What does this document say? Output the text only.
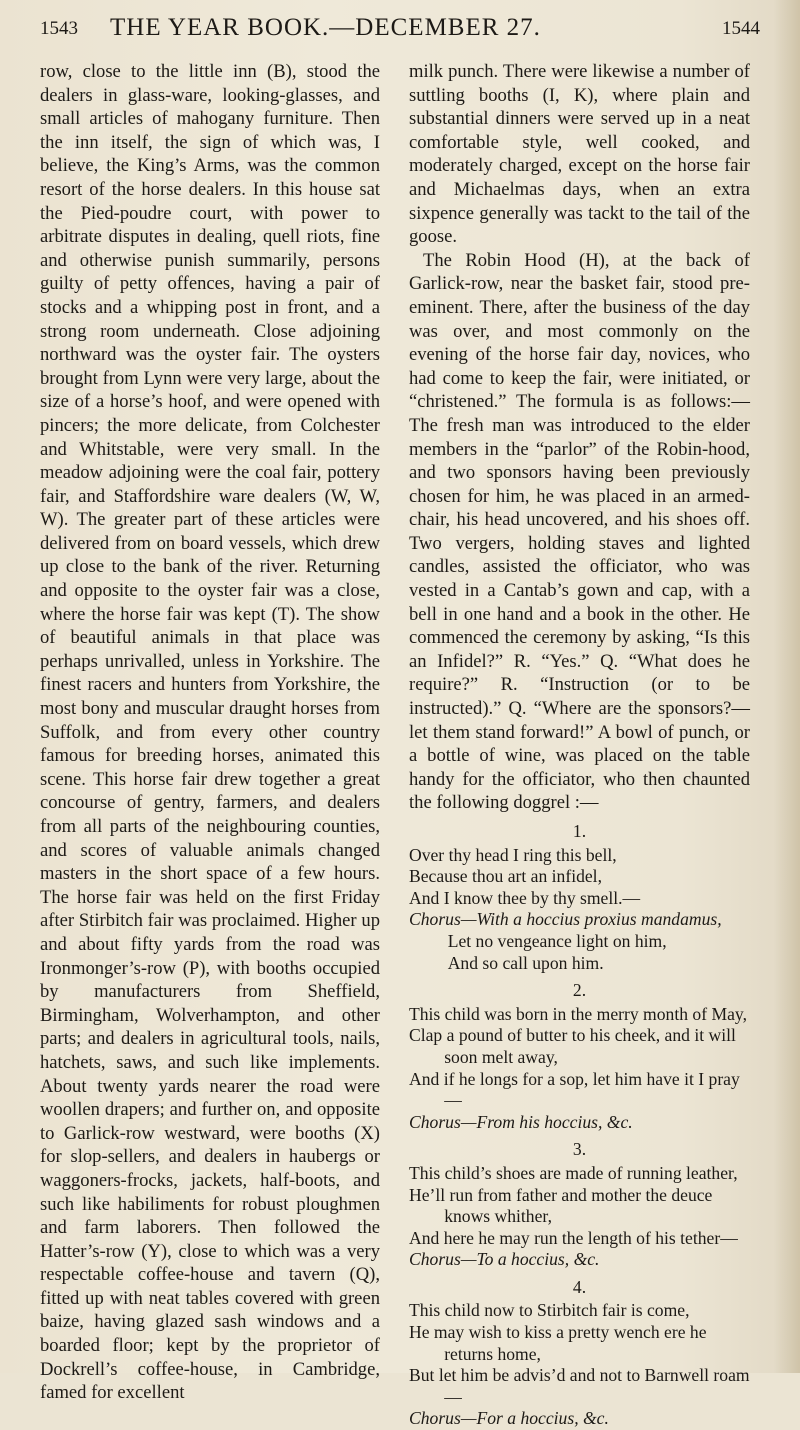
1543 THE YEAR BOOK.—DECEMBER 27.	1544

row, close to the little inn (B), stood the dealers in glass-ware, looking-glasses, and small articles of mahogany furniture. Then the inn itself, the sign of which was, I believe, the King’s Arms, was the common resort of the horse dealers. In this house sat the Pied-poudre court, with power to arbitrate disputes in dealing, quell riots, fine and otherwise punish summarily, persons guilty of petty offences, having a pair of stocks and a whipping post in front, and a strong room underneath. Close adjoining northward was the oyster fair. The oysters brought from Lynn were very large, about the size of a horse’s hoof, and were opened with pincers; the more delicate, from Colchester and Whitstable, were very small. In the meadow adjoining were the coal fair, pottery fair, and Staffordshire ware dealers (W, W, W). The greater part of these articles were delivered from on board vessels, which drew up close to the bank of the river. Returning and opposite to the oyster fair was a close, where the horse fair was kept (T). The show of beautiful animals in that place was perhaps unrivalled, unless in Yorkshire. The finest racers and hunters from Yorkshire, the most bony and muscular draught horses from Suffolk, and from every other country famous for breeding horses, animated this scene. This horse fair drew together a great concourse of gentry, farmers, and dealers from all parts of the neighbouring counties, and scores of valuable animals changed masters in the short space of a few hours. The horse fair was held on the first Friday after Stirbitch fair was proclaimed. Higher up and about fifty yards from the road was Ironmonger’s-row (P), with booths occupied by manufacturers from Sheffield, Birmingham, Wolverhampton, and other parts; and dealers in agricultural tools, nails, hatchets, saws, and such like implements. About twenty yards nearer the road were woollen drapers; and further on, and opposite to Garlick-row westward, were booths (X) for slop-sellers, and dealers in haubergs or waggoners-frocks, jackets, half-boots, and such like habiliments for robust ploughmen and farm laborers. Then followed the Hatter’s-row (Y), close to which was a very respectable coffee-house and tavern (Q), fitted up with neat tables covered with green baize, having glazed sash windows and a boarded floor; kept by the proprietor of Dockrell’s coffee-house, in Cambridge, famed for excellent

milk punch. There were likewise a number of suttling booths (I, K), where plain and substantial dinners were served up in a neat comfortable style, well cooked, and moderately charged, except on the horse fair and Michaelmas days, when an extra sixpence generally was tackt to the tail of the goose.

The Robin Hood (H), at the back of Garlick-row, near the basket fair, stood pre-eminent. There, after the business of the day was over, and most commonly on the evening of the horse fair day, novices, who had come to keep the fair, were initiated, or “christened.” The formula is as follows:—The fresh man was introduced to the elder members in the “parlor” of the Robin-hood, and two sponsors having been previously chosen for him, he was placed in an armed-chair, his head uncovered, and his shoes off. Two vergers, holding staves and lighted candles, assisted the officiator, who was vested in a Cantab’s gown and cap, with a bell in one hand and a book in the other. He commenced the ceremony by asking, “Is this an Infidel?” R. “Yes.” Q. “What does he require?” R. “Instruction (or to be instructed).” Q. “Where are the sponsors?—let them stand forward!” A bowl of punch, or a bottle of wine, was placed on the table handy for the officiator, who then chaunted the following doggrel :—

1.

Over thy head I ring this bell,

Because thou art an infidel,

And I know thee by thy smell.—

Chorus—With a hoccius proxius mandamus,

Let no vengeance light on him,

And so call upon him.

2.

This child was born in the merry month of May,

Clap a pound of butter to his cheek, and it will soon melt away,

And if he longs for a sop, let him have it I pray—

Chorus—From his hoccius, &c.

3.

This child’s shoes are made of running leather,

He’ll run from father and mother the deuce knows whither,

And here he may run the length of his tether—

Chorus—To a hoccius, &c.

4.

This child now to Stirbitch fair is come,

He may wish to kiss a pretty wench ere he returns home,

But let him be advis’d and not to Barnwell roam—

Chorus—For a hoccius, &c.
